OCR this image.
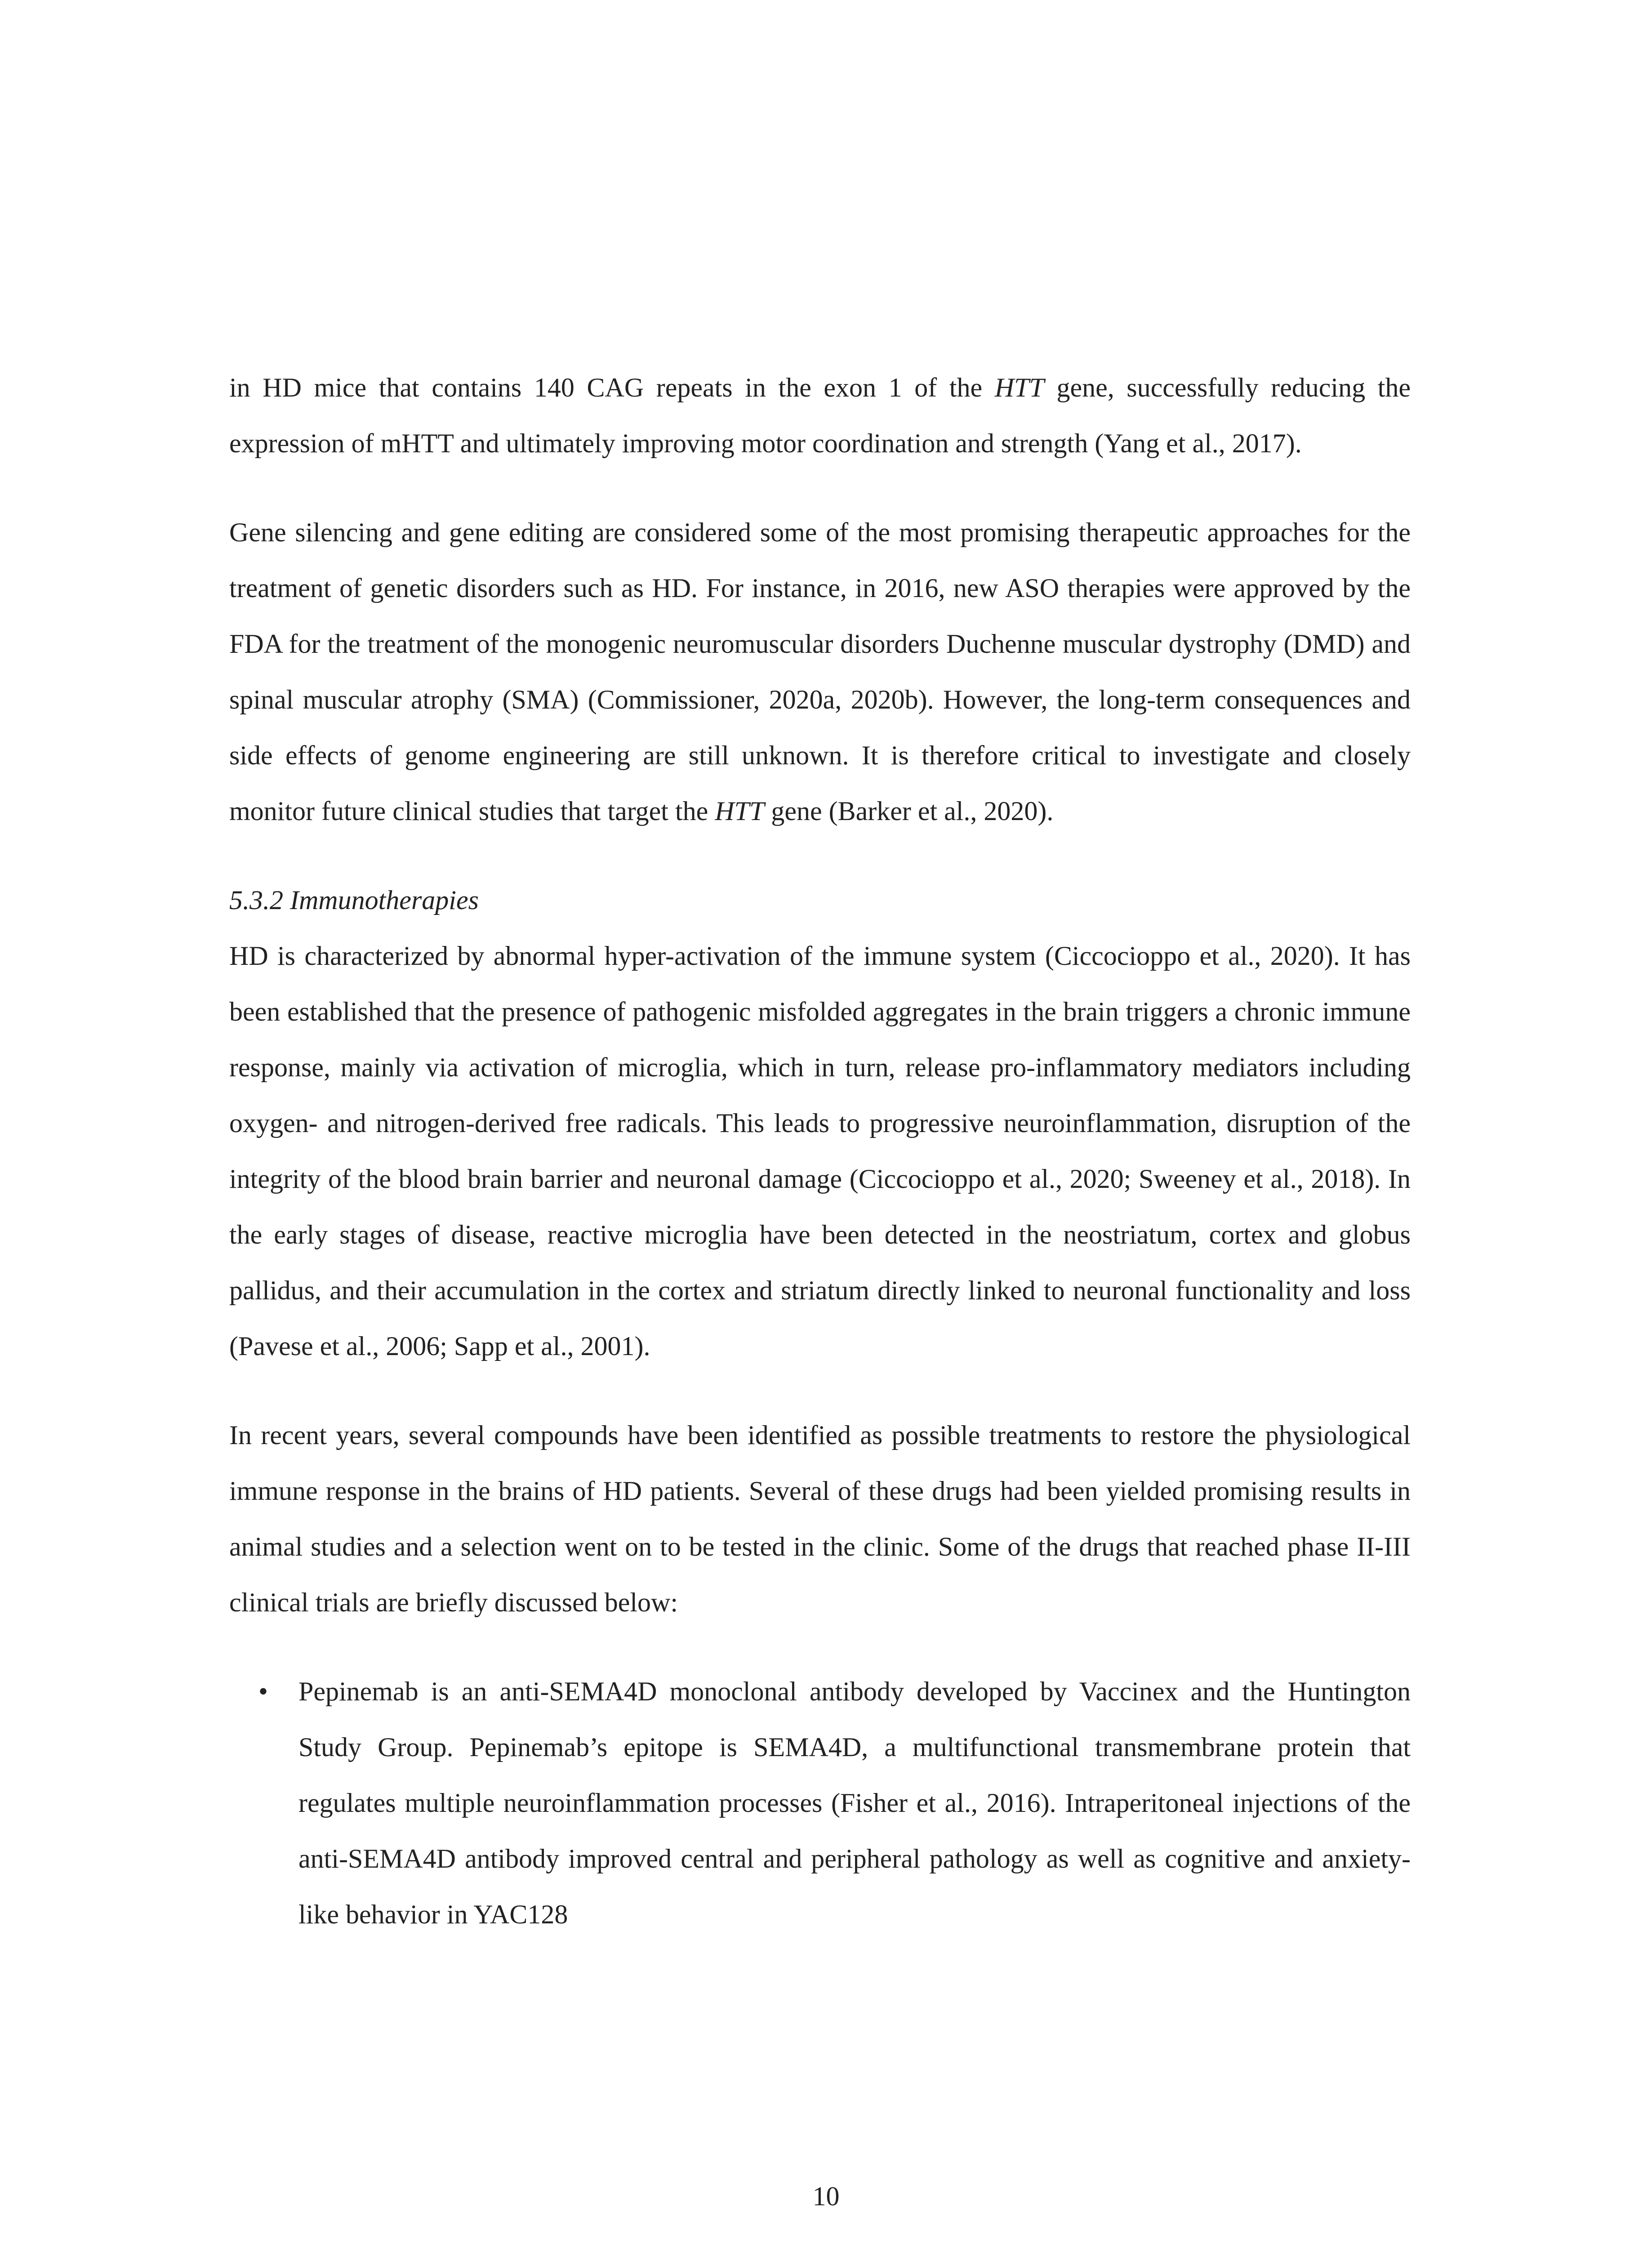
in HD mice that contains 140 CAG repeats in the exon 1 of the HTT gene, successfully reducing the expression of mHTT and ultimately improving motor coordination and strength (Yang et al., 2017).

Gene silencing and gene editing are considered some of the most promising therapeutic approaches for the treatment of genetic disorders such as HD. For instance, in 2016, new ASO therapies were approved by the FDA for the treatment of the monogenic neuromuscular disorders Duchenne muscular dystrophy (DMD) and spinal muscular atrophy (SMA) (Commissioner, 2020a, 2020b). However, the long-term consequences and side effects of genome engineering are still unknown. It is therefore critical to investigate and closely monitor future clinical studies that target the HTT gene (Barker et al., 2020).

5.3.2 Immunotherapies

HD is characterized by abnormal hyper-activation of the immune system (Ciccocioppo et al., 2020). It has been established that the presence of pathogenic misfolded aggregates in the brain triggers a chronic immune response, mainly via activation of microglia, which in turn, release pro-inflammatory mediators including oxygen- and nitrogen-derived free radicals. This leads to progressive neuroinflammation, disruption of the integrity of the blood brain barrier and neuronal damage (Ciccocioppo et al., 2020; Sweeney et al., 2018). In the early stages of disease, reactive microglia have been detected in the neostriatum, cortex and globus pallidus, and their accumulation in the cortex and striatum directly linked to neuronal functionality and loss (Pavese et al., 2006; Sapp et al., 2001).

In recent years, several compounds have been identified as possible treatments to restore the physiological immune response in the brains of HD patients. Several of these drugs had been yielded promising results in animal studies and a selection went on to be tested in the clinic. Some of the drugs that reached phase II-III clinical trials are briefly discussed below:

• Pepinemab is an anti-SEMA4D monoclonal antibody developed by Vaccinex and the Huntington Study Group. Pepinemab’s epitope is SEMA4D, a multifunctional transmembrane protein that regulates multiple neuroinflammation processes (Fisher et al., 2016). Intraperitoneal injections of the anti-SEMA4D antibody improved central and peripheral pathology as well as cognitive and anxiety-like behavior in YAC128
10
